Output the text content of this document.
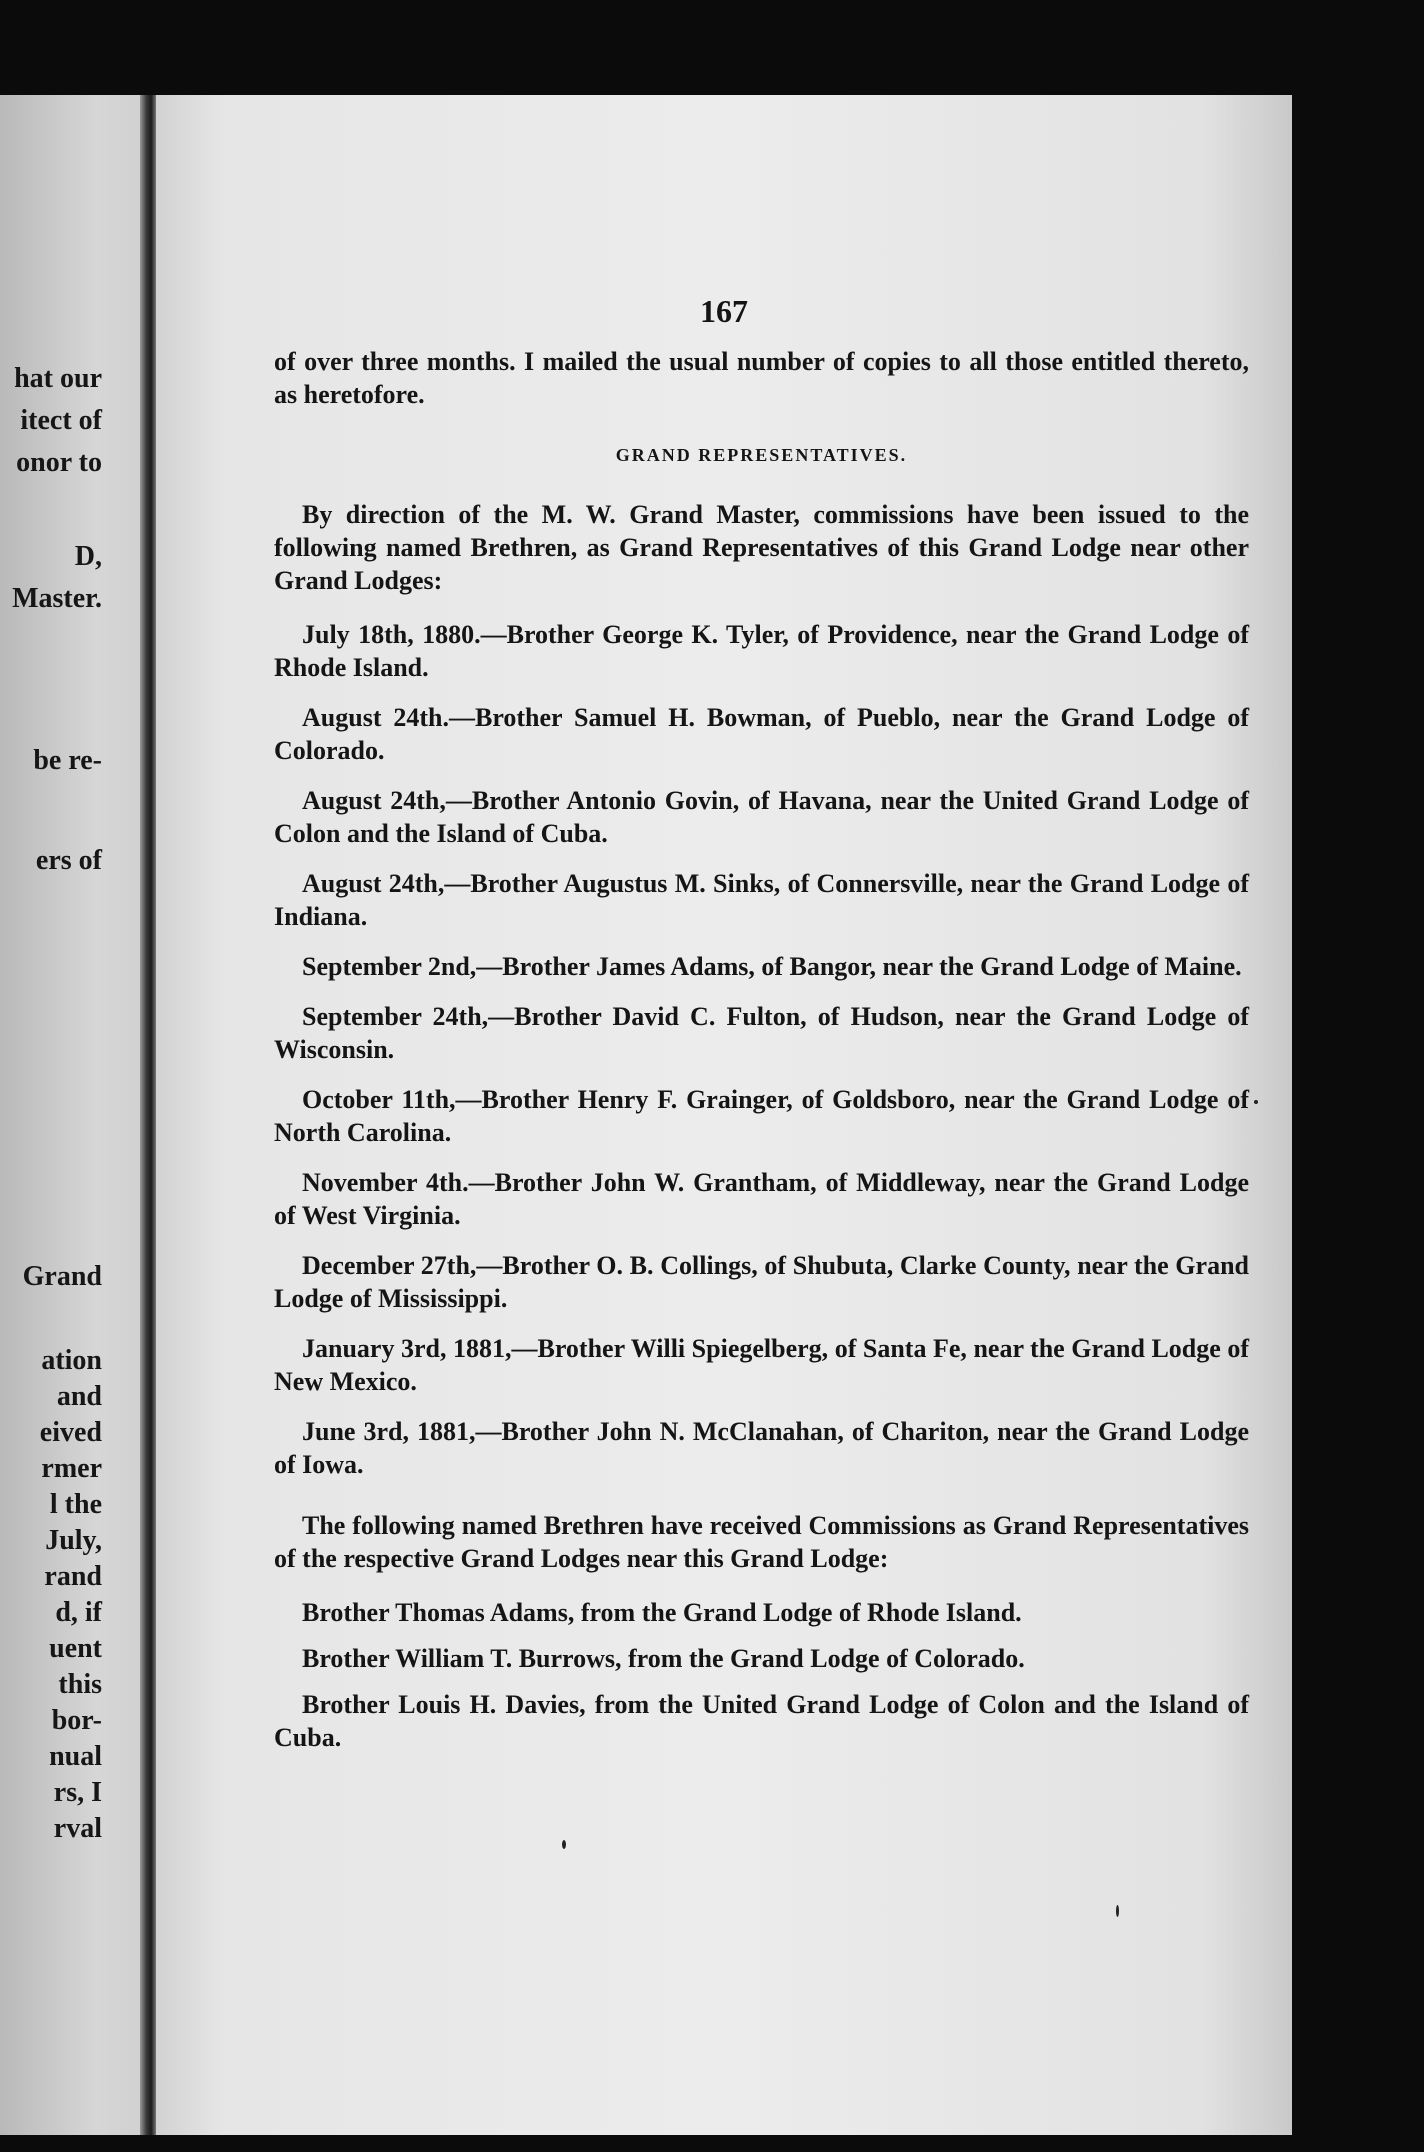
hat our
itect of
onor to
D,
Master.
be re-
ers of
Grand
ation
and
eived
rmer
l the
July,
rand
d, if
uent
this
bor-
nual
rs, I
rval
167

of over three months. I mailed the usual number of copies to all those entitled thereto, as heretofore.

GRAND REPRESENTATIVES.

By direction of the M. W. Grand Master, commissions have been issued to the following named Brethren, as Grand Representatives of this Grand Lodge near other Grand Lodges:

July 18th, 1880.—Brother George K. Tyler, of Providence, near the Grand Lodge of Rhode Island.

August 24th.—Brother Samuel H. Bowman, of Pueblo, near the Grand Lodge of Colorado.

August 24th,—Brother Antonio Govin, of Havana, near the United Grand Lodge of Colon and the Island of Cuba.

August 24th,—Brother Augustus M. Sinks, of Connersville, near the Grand Lodge of Indiana.

September 2nd,—Brother James Adams, of Bangor, near the Grand Lodge of Maine.

September 24th,—Brother David C. Fulton, of Hudson, near the Grand Lodge of Wisconsin.

October 11th,—Brother Henry F. Grainger, of Goldsboro, near the Grand Lodge of North Carolina.

November 4th.—Brother John W. Grantham, of Middleway, near the Grand Lodge of West Virginia.

December 27th,—Brother O. B. Collings, of Shubuta, Clarke County, near the Grand Lodge of Mississippi.

January 3rd, 1881,—Brother Willi Spiegelberg, of Santa Fe, near the Grand Lodge of New Mexico.

June 3rd, 1881,—Brother John N. McClanahan, of Chariton, near the Grand Lodge of Iowa.

The following named Brethren have received Commissions as Grand Representatives of the respective Grand Lodges near this Grand Lodge:

Brother Thomas Adams, from the Grand Lodge of Rhode Island.

Brother William T. Burrows, from the Grand Lodge of Colorado.

Brother Louis H. Davies, from the United Grand Lodge of Colon and the Island of Cuba.
